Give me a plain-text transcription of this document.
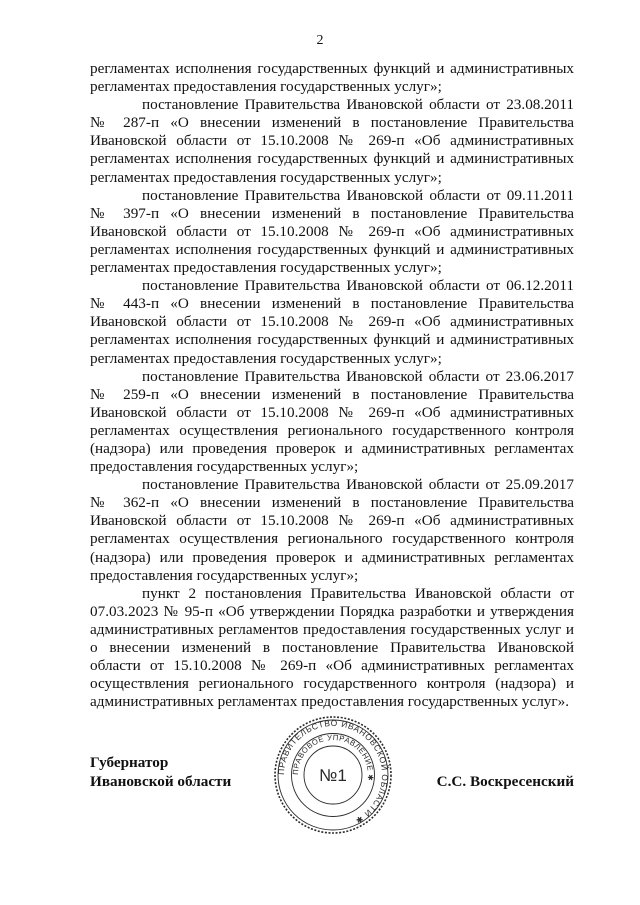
2

регламентах исполнения государственных функций и административных регламентах предоставления государственных услуг»;

постановление Правительства Ивановской области от 23.08.2011 № 287-п «О внесении изменений в постановление Правительства Ивановской области от 15.10.2008 № 269-п «Об административных регламентах исполнения государственных функций и административных регламентах предоставления государственных услуг»;

постановление Правительства Ивановской области от 09.11.2011 № 397-п «О внесении изменений в постановление Правительства Ивановской области от 15.10.2008 № 269-п «Об административных регламентах исполнения государственных функций и административных регламентах предоставления государственных услуг»;

постановление Правительства Ивановской области от 06.12.2011 № 443-п «О внесении изменений в постановление Правительства Ивановской области от 15.10.2008 № 269-п «Об административных регламентах исполнения государственных функций и административных регламентах предоставления государственных услуг»;

постановление Правительства Ивановской области от 23.06.2017 № 259-п «О внесении изменений в постановление Правительства Ивановской области от 15.10.2008 № 269-п «Об административных регламентах осуществления регионального государственного контроля (надзора) или проведения проверок и административных регламентах предоставления государственных услуг»;

постановление Правительства Ивановской области от 25.09.2017 № 362-п «О внесении изменений в постановление Правительства Ивановской области от 15.10.2008 № 269-п «Об административных регламентах осуществления регионального государственного контроля (надзора) или проведения проверок и административных регламентах предоставления государственных услуг»;

пункт 2 постановления Правительства Ивановской области от 07.03.2023 № 95-п «Об утверждении Порядка разработки и утверждения административных регламентов предоставления государственных услуг и о внесении изменений в постановление Правительства Ивановской области от 15.10.2008 № 269-п «Об административных регламентах осуществления регионального государственного контроля (надзора) и административных регламентах предоставления государственных услуг».

Губернатор
Ивановской области	С.С. Воскресенский
ПРАВИТЕЛЬСТВО ИВАНОВСКОЙ ОБЛАСТИ ✱
ПРАВОВОЕ УПРАВЛЕНИЕ ✱
№1
